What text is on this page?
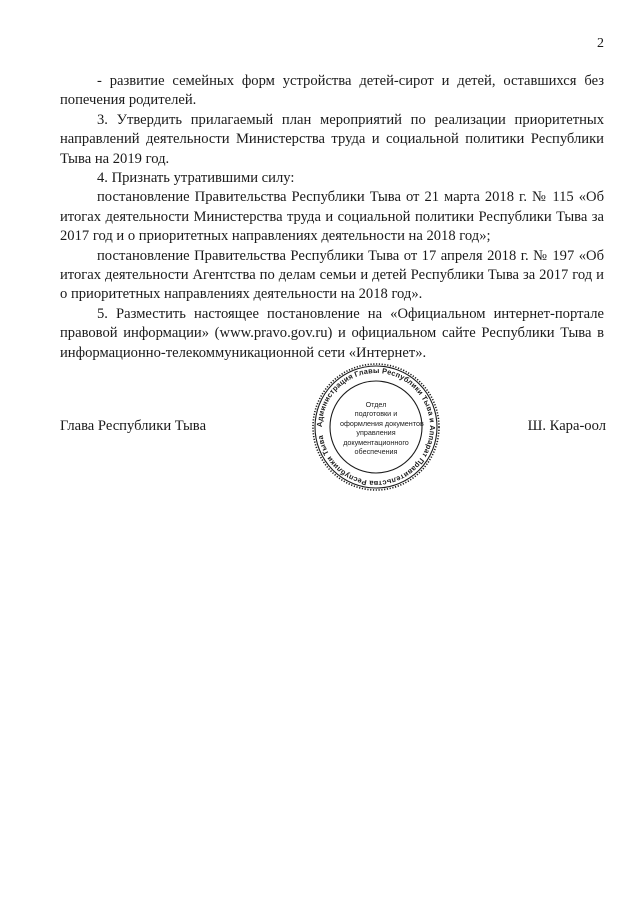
2

- развитие семейных форм устройства детей-сирот и детей, оставшихся без попечения родителей.

3. Утвердить прилагаемый план мероприятий по реализации приоритетных направлений деятельности Министерства труда и социальной политики Республики Тыва на 2019 год.

4. Признать утратившими силу:

постановление Правительства Республики Тыва от 21 марта 2018 г. № 115 «Об итогах деятельности Министерства труда и социальной политики Республики Тыва за 2017 год и о приоритетных направлениях деятельности на 2018 год»;

постановление Правительства Республики Тыва от 17 апреля 2018 г. № 197 «Об итогах деятельности Агентства по делам семьи и детей Республики Тыва за 2017 год и о приоритетных направлениях деятельности на 2018 год».

5. Разместить настоящее постановление на «Официальном интернет-портале правовой информации» (www.pravo.gov.ru) и официальном сайте Республики Тыва в информационно-телекоммуникационной сети «Интернет».

Глава Республики Тывa	Ш. Кара-оол
Администрация Главы Республики Тыва и Аппарат Правительства Республики Тыва
Отдел
подготовки и
оформления документов
управления
документационного
обеспечения
